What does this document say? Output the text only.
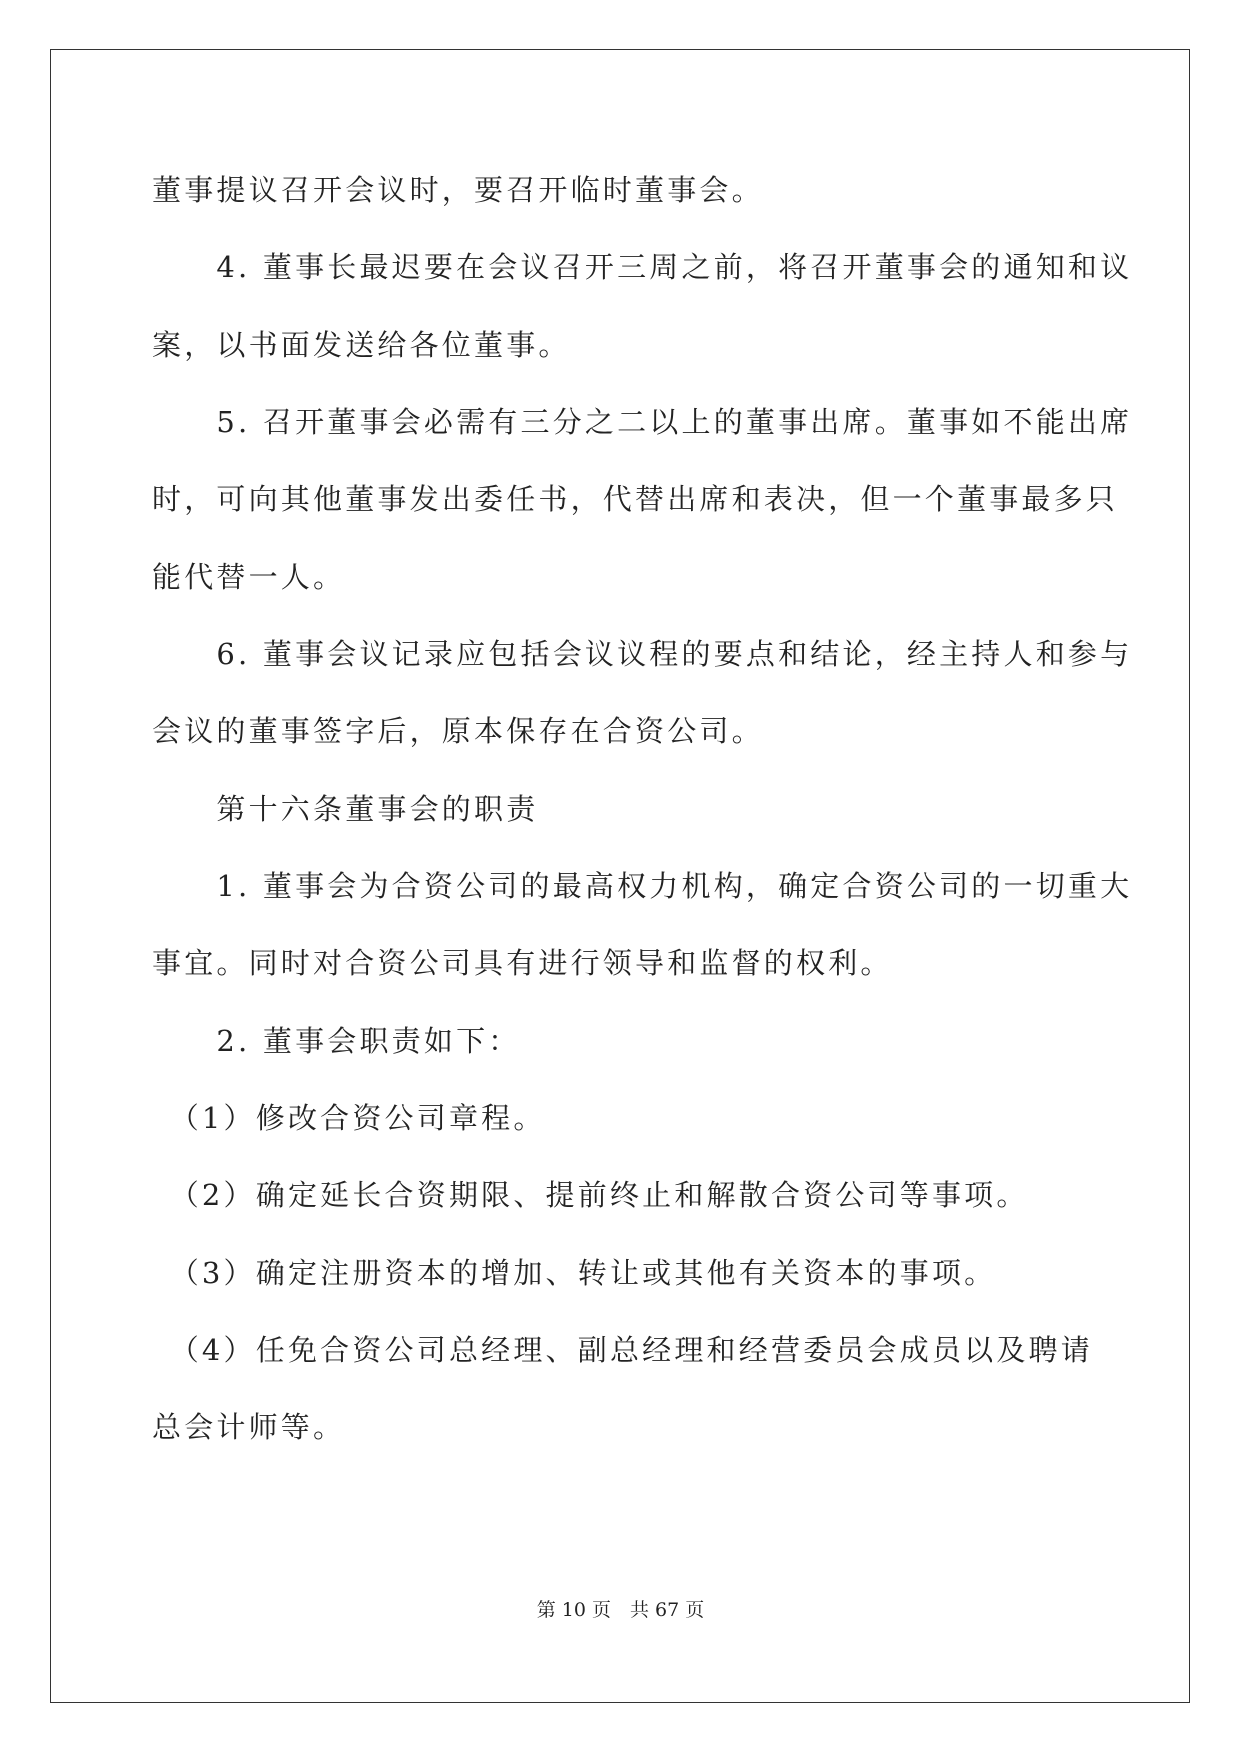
董事提议召开会议时，要召开临时董事会。
　　4. 董事长最迟要在会议召开三周之前，将召开董事会的通知和议
案，以书面发送给各位董事。
　　5. 召开董事会必需有三分之二以上的董事出席。董事如不能出席
时，可向其他董事发出委任书，代替出席和表决，但一个董事最多只
能代替一人。
　　6. 董事会议记录应包括会议议程的要点和结论，经主持人和参与
会议的董事签字后，原本保存在合资公司。
　　第十六条董事会的职责
　　1. 董事会为合资公司的最高权力机构，确定合资公司的一切重大
事宜。同时对合资公司具有进行领导和监督的权利。
　　2. 董事会职责如下：
　（1）修改合资公司章程。
　（2）确定延长合资期限、提前终止和解散合资公司等事项。
　（3）确定注册资本的增加、转让或其他有关资本的事项。
　（4）任免合资公司总经理、副总经理和经营委员会成员以及聘请
总会计师等。
第 10 页　共 67 页
